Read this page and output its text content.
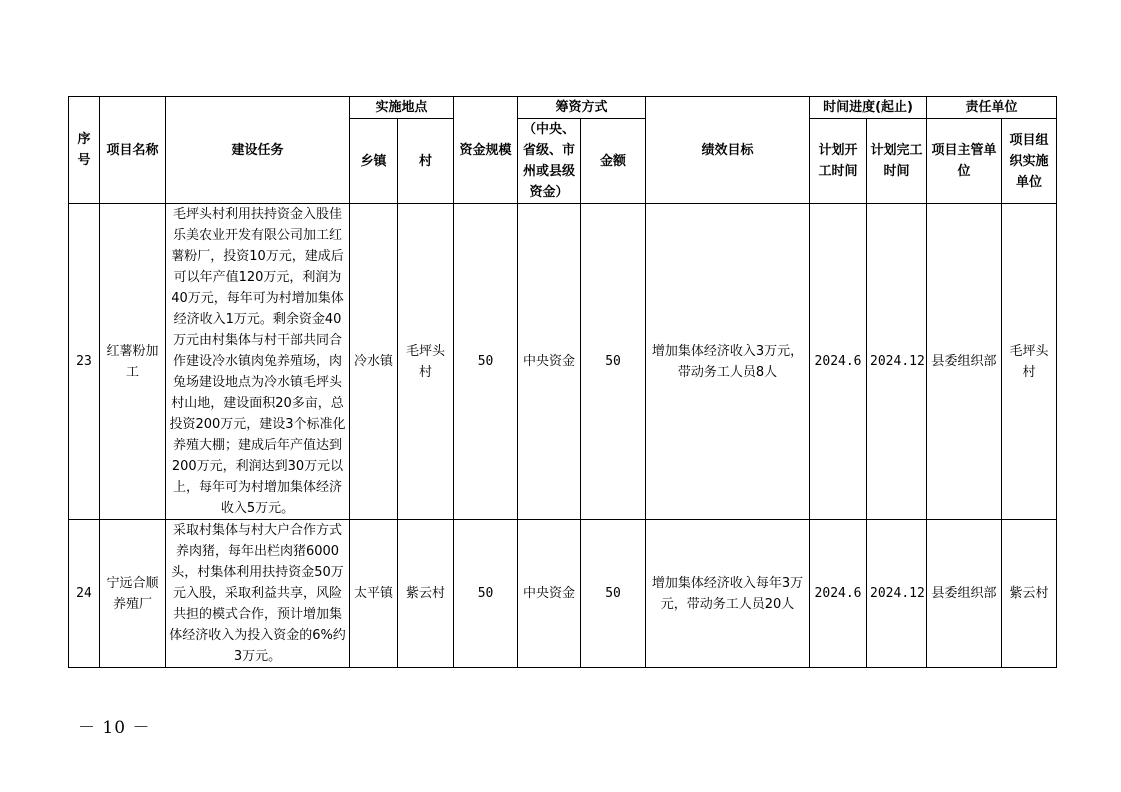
序号	项目名称	建设任务	实施地点		资金规模	筹资方式		绩效目标	时间进度(起止)		责任单位	
			乡镇	村		（中央、省级、市州或县级资金）	金额		计划开工时间	计划完工时间	项目主管单位	项目组织实施单位
23	红薯粉加工	毛坪头村利用扶持资金入股佳乐美农业开发有限公司加工红薯粉厂，投资10万元，建成后可以年产值120万元，利润为40万元，每年可为村增加集体经济收入1万元。剩余资金40万元由村集体与村干部共同合作建设冷水镇肉兔养殖场，肉兔场建设地点为冷水镇毛坪头村山地，建设面积20多亩，总投资200万元，建设3个标准化养殖大棚；建成后年产值达到200万元，利润达到30万元以上，每年可为村增加集体经济收入5万元。	冷水镇	毛坪头村	50	中央资金	50	增加集体经济收入3万元，带动务工人员8人	2024.6	2024.12	县委组织部	毛坪头村
24	宁远合顺养殖厂	采取村集体与村大户合作方式养肉猪，每年出栏肉猪6000头，村集体利用扶持资金50万元入股，采取利益共享，风险共担的模式合作，预计增加集体经济收入为投入资金的6%约3万元。	太平镇	紫云村	50	中央资金	50	增加集体经济收入每年3万元，带动务工人员20人	2024.6	2024.12	县委组织部	紫云村
－ 10 －
